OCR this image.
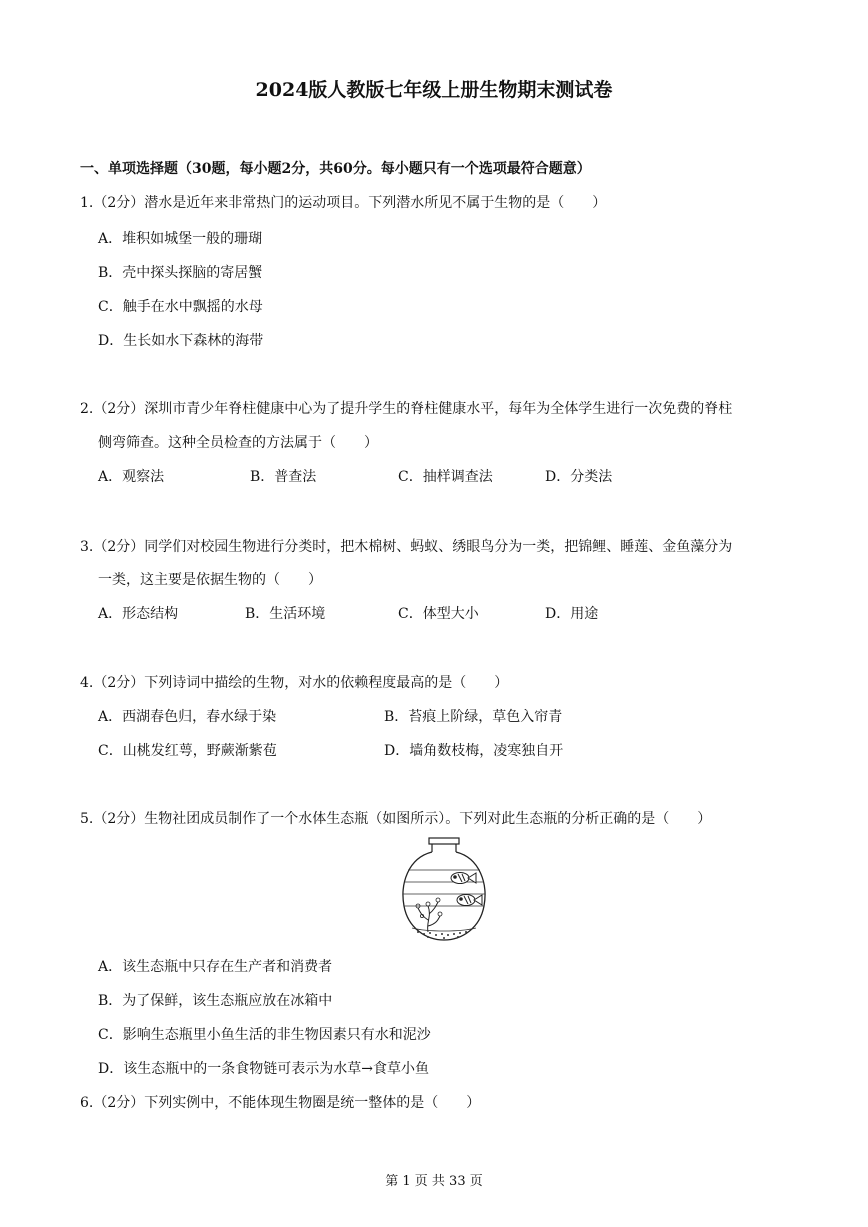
2024版人教版七年级上册生物期末测试卷
一、单项选择题（30题，每小题2分，共60分。每小题只有一个选项最符合题意）
1.（2分）潜水是近年来非常热门的运动项目。下列潜水所见不属于生物的是（　　）
A．堆积如城堡一般的珊瑚
B．壳中探头探脑的寄居蟹
C．触手在水中飘摇的水母
D．生长如水下森林的海带
2.（2分）深圳市青少年脊柱健康中心为了提升学生的脊柱健康水平，每年为全体学生进行一次免费的脊柱
侧弯筛查。这种全员检查的方法属于（　　）
A．观察法	B．普查法	C．抽样调查法	D．分类法
3.（2分）同学们对校园生物进行分类时，把木棉树、蚂蚁、绣眼鸟分为一类，把锦鲤、睡莲、金鱼藻分为
一类，这主要是依据生物的（　　）
A．形态结构	B．生活环境	C．体型大小	D．用途
4.（2分）下列诗词中描绘的生物，对水的依赖程度最高的是（　　）
A．西湖春色归，春水绿于染	B．苔痕上阶绿，草色入帘青
C．山桃发红萼，野蕨渐紫苞	D．墙角数枝梅，凌寒独自开
5.（2分）生物社团成员制作了一个水体生态瓶（如图所示）。下列对此生态瓶的分析正确的是（　　）
A．该生态瓶中只存在生产者和消费者
B．为了保鲜，该生态瓶应放在冰箱中
C．影响生态瓶里小鱼生活的非生物因素只有水和泥沙
D．该生态瓶中的一条食物链可表示为水草→食草小鱼
6.（2分）下列实例中，不能体现生物圈是统一整体的是（　　）
第 1 页 共 33 页
